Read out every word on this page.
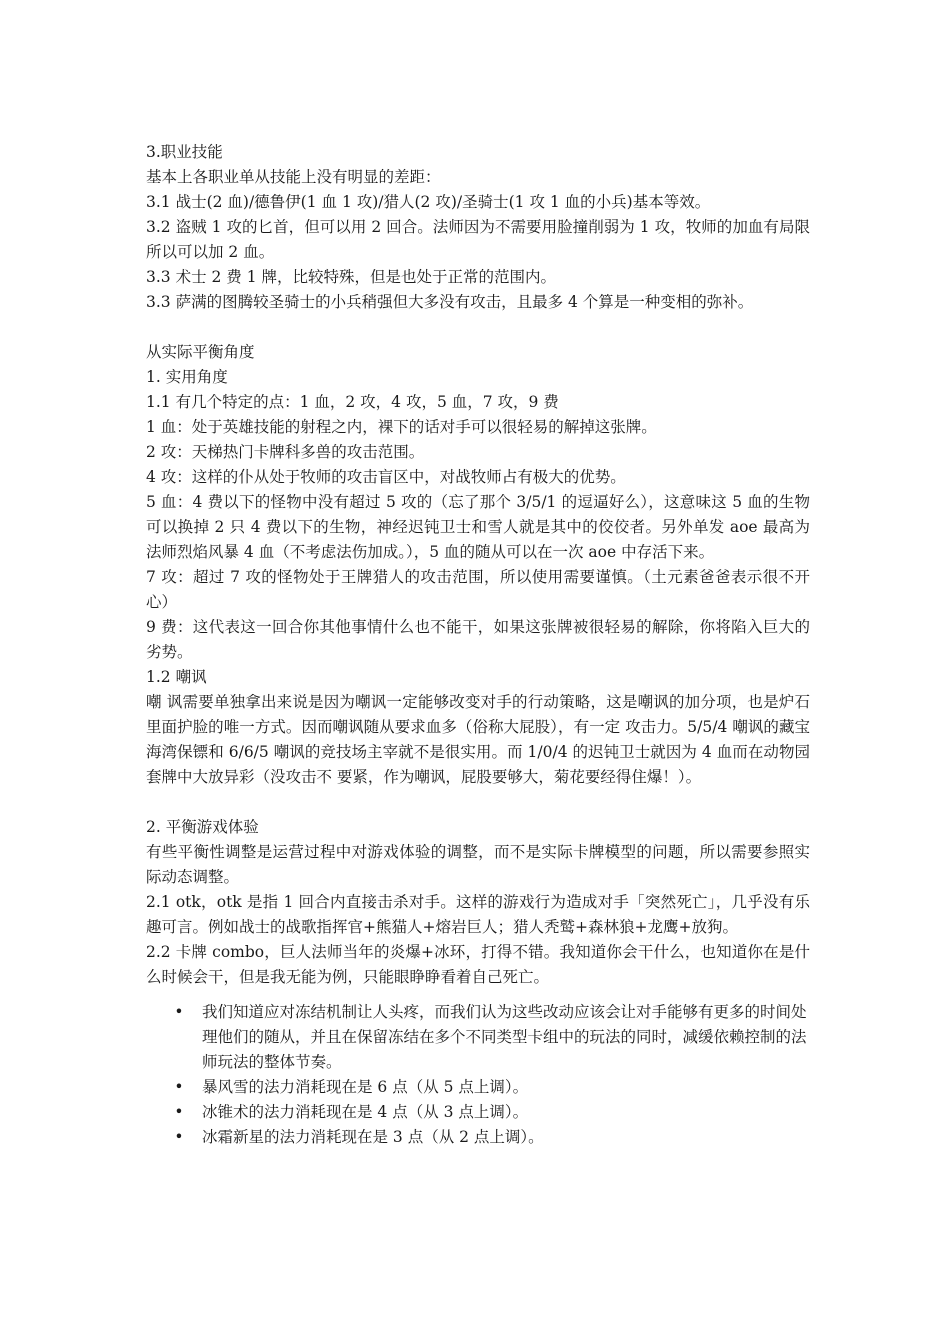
3.职业技能

基本上各职业单从技能上没有明显的差距：

3.1 战士(2 血)/德鲁伊(1 血 1 攻)/猎人(2 攻)/圣骑士(1 攻 1 血的小兵)基本等效。

3.2 盗贼 1 攻的匕首，但可以用 2 回合。法师因为不需要用脸撞削弱为 1 攻，牧师的加血有局限所以可以加 2 血。

3.3 术士 2 费 1 牌，比较特殊，但是也处于正常的范围内。

3.3 萨满的图腾较圣骑士的小兵稍强但大多没有攻击，且最多 4 个算是一种变相的弥补。

从实际平衡角度

1. 实用角度

1.1 有几个特定的点：1 血，2 攻，4 攻，5 血，7 攻，9 费

1 血：处于英雄技能的射程之内，裸下的话对手可以很轻易的解掉这张牌。

2 攻：天梯热门卡牌科多兽的攻击范围。

4 攻：这样的仆从处于牧师的攻击盲区中，对战牧师占有极大的优势。

5 血：4 费以下的怪物中没有超过 5 攻的（忘了那个 3/5/1 的逗逼好么），这意味这 5 血的生物可以换掉 2 只 4 费以下的生物，神经迟钝卫士和雪人就是其中的佼佼者。另外单发 aoe 最高为法师烈焰风暴 4 血（不考虑法伤加成。），5 血的随从可以在一次 aoe 中存活下来。

7 攻：超过 7 攻的怪物处于王牌猎人的攻击范围，所以使用需要谨慎。（土元素爸爸表示很不开心）

9 费：这代表这一回合你其他事情什么也不能干，如果这张牌被很轻易的解除，你将陷入巨大的劣势。

1.2 嘲讽

嘲 讽需要单独拿出来说是因为嘲讽一定能够改变对手的行动策略，这是嘲讽的加分项，也是炉石里面护脸的唯一方式。因而嘲讽随从要求血多（俗称大屁股），有一定 攻击力。5/5/4 嘲讽的藏宝海湾保镖和 6/6/5 嘲讽的竞技场主宰就不是很实用。而 1/0/4 的迟钝卫士就因为 4 血而在动物园套牌中大放异彩（没攻击不 要紧，作为嘲讽，屁股要够大，菊花要经得住爆！）。

2. 平衡游戏体验

有些平衡性调整是运营过程中对游戏体验的调整，而不是实际卡牌模型的问题，所以需要参照实际动态调整。

2.1 otk，otk 是指 1 回合内直接击杀对手。这样的游戏行为造成对手「突然死亡」，几乎没有乐趣可言。例如战士的战歌指挥官+熊猫人+熔岩巨人；猎人秃鹫+森林狼+龙鹰+放狗。

2.2 卡牌 combo，巨人法师当年的炎爆+冰环，打得不错。我知道你会干什么，也知道你在是什么时候会干，但是我无能为例，只能眼睁睁看着自己死亡。

• 我们知道应对冻结机制让人头疼，而我们认为这些改动应该会让对手能够有更多的时间处理他们的随从，并且在保留冻结在多个不同类型卡组中的玩法的同时，减缓依赖控制的法师玩法的整体节奏。
• 暴风雪的法力消耗现在是 6 点（从 5 点上调）。
• 冰锥术的法力消耗现在是 4 点（从 3 点上调）。
• 冰霜新星的法力消耗现在是 3 点（从 2 点上调）。
